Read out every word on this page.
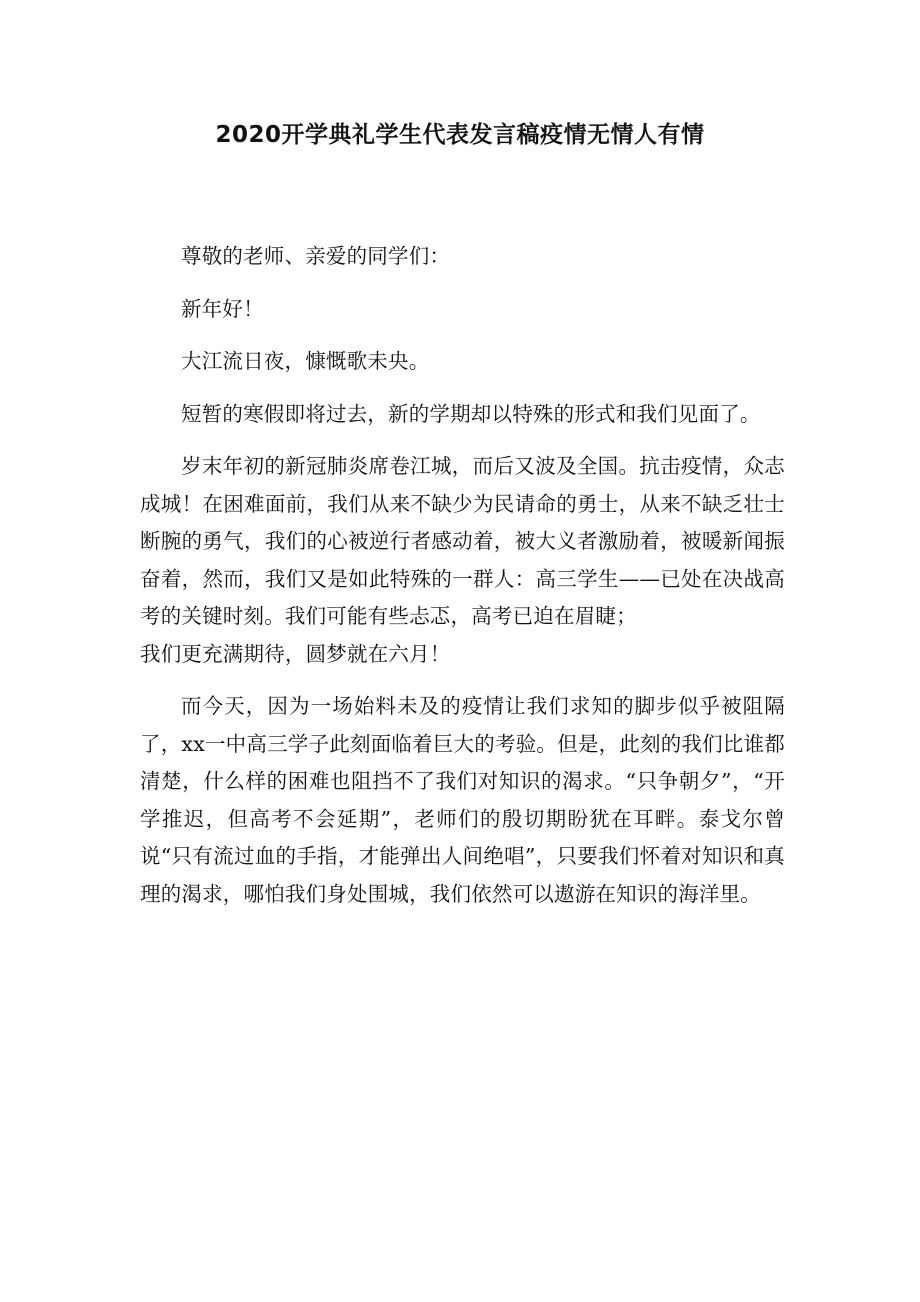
2020开学典礼学生代表发言稿疫情无情人有情

尊敬的老师、亲爱的同学们：

新年好！

大江流日夜，慷慨歌未央。

短暂的寒假即将过去，新的学期却以特殊的形式和我们见面了。

岁末年初的新冠肺炎席卷江城，而后又波及全国。抗击疫情，众志成城！在困难面前，我们从来不缺少为民请命的勇士，从来不缺乏壮士断腕的勇气，我们的心被逆行者感动着，被大义者激励着，被暖新闻振奋着，然而，我们又是如此特殊的一群人：高三学生——已处在决战高考的关键时刻。我们可能有些忐忑，高考已迫在眉睫；

我们更充满期待，圆梦就在六月！

而今天，因为一场始料未及的疫情让我们求知的脚步似乎被阻隔了，xx一中高三学子此刻面临着巨大的考验。但是，此刻的我们比谁都清楚，什么样的困难也阻挡不了我们对知识的渴求。“只争朝夕”，“开学推迟，但高考不会延期”，老师们的殷切期盼犹在耳畔。泰戈尔曾说“只有流过血的手指，才能弹出人间绝唱”，只要我们怀着对知识和真理的渴求，哪怕我们身处围城，我们依然可以遨游在知识的海洋里。
